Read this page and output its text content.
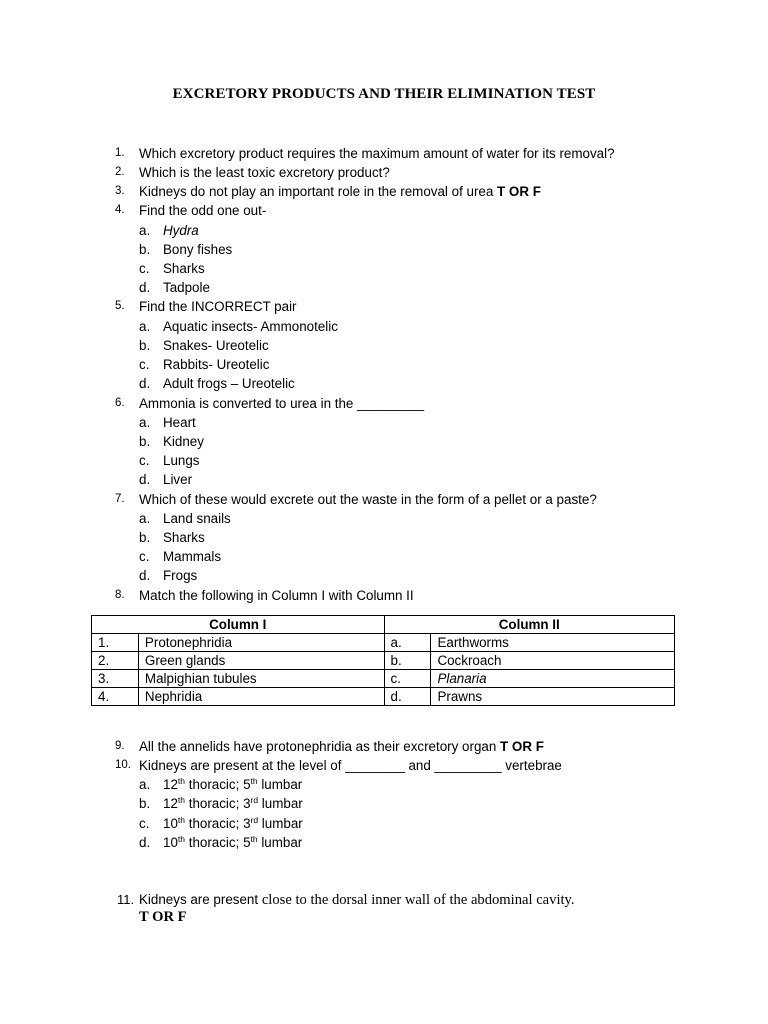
EXCRETORY PRODUCTS AND THEIR ELIMINATION TEST
1. Which excretory product requires the maximum amount of water for its removal?
2. Which is the least toxic excretory product?
3. Kidneys do not play an important role in the removal of urea T OR F
4. Find the odd one out-
a. Hydra
b. Bony fishes
c. Sharks
d. Tadpole
5. Find the INCORRECT pair
a. Aquatic insects- Ammonotelic
b. Snakes- Ureotelic
c. Rabbits- Ureotelic
d. Adult frogs – Ureotelic
6. Ammonia is converted to urea in the _________
a. Heart
b. Kidney
c. Lungs
d. Liver
7. Which of these would excrete out the waste in the form of a pellet or a paste?
a. Land snails
b. Sharks
c. Mammals
d. Frogs
8. Match the following in Column I with Column II
Column I		Column II	
1.	Protonephridia	a.	Earthworms
2.	Green glands	b.	Cockroach
3.	Malpighian tubules	c.	Planaria
4.	Nephridia	d.	Prawns
9. All the annelids have protonephridia as their excretory organ T OR F
10. Kidneys are present at the level of ________ and _________ vertebrae
a. 12th thoracic; 5th lumbar
b. 12th thoracic; 3rd lumbar
c. 10th thoracic; 3rd lumbar
d. 10th thoracic; 5th lumbar
11. Kidneys are present close to the dorsal inner wall of the abdominal cavity.
T OR F
